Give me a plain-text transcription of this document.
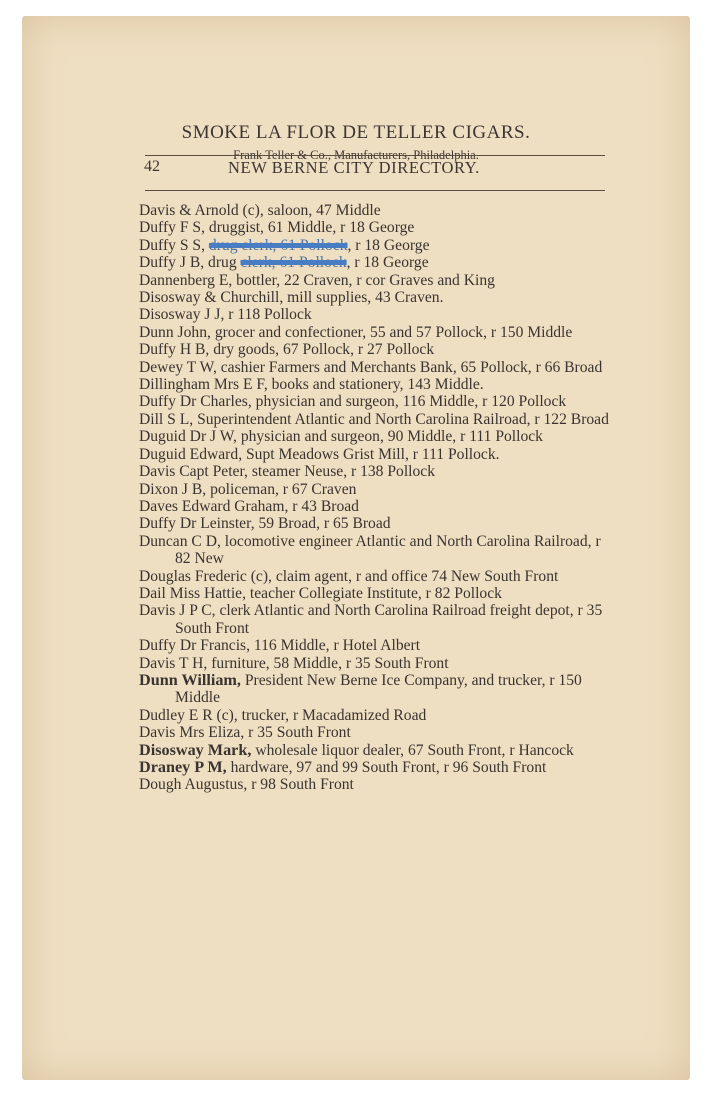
SMOKE LA FLOR DE TELLER CIGARS.
Frank Teller & Co., Manufacturers, Philadelphia.
42	NEW BERNE CITY DIRECTORY.

Davis & Arnold (c), saloon, 47 Middle

Duffy F S, druggist, 61 Middle, r 18 George

Duffy S S, drug clerk, 61 Pollock, r 18 George

Duffy J B, drug clerk, 61 Pollock, r 18 George

Dannenberg E, bottler, 22 Craven, r cor Graves and King

Disosway & Churchill, mill supplies, 43 Craven.

Disosway J J, r 118 Pollock

Dunn John, grocer and confectioner, 55 and 57 Pollock, r 150 Middle

Duffy H B, dry goods, 67 Pollock, r 27 Pollock

Dewey T W, cashier Farmers and Merchants Bank, 65 Pollock, r 66 Broad

Dillingham Mrs E F, books and stationery, 143 Middle.

Duffy Dr Charles, physician and surgeon, 116 Middle, r 120 Pollock

Dill S L, Superintendent Atlantic and North Carolina Railroad, r 122 Broad

Duguid Dr J W, physician and surgeon, 90 Middle, r 111 Pollock

Duguid Edward, Supt Meadows Grist Mill, r 111 Pollock.

Davis Capt Peter, steamer Neuse, r 138 Pollock

Dixon J B, policeman, r 67 Craven

Daves Edward Graham, r 43 Broad

Duffy Dr Leinster, 59 Broad, r 65 Broad

Duncan C D, locomotive engineer Atlantic and North Carolina Railroad, r 82 New

Douglas Frederic (c), claim agent, r and office 74 New South Front

Dail Miss Hattie, teacher Collegiate Institute, r 82 Pollock

Davis J P C, clerk Atlantic and North Carolina Railroad freight depot, r 35 South Front

Duffy Dr Francis, 116 Middle, r Hotel Albert

Davis T H, furniture, 58 Middle, r 35 South Front

Dunn William, President New Berne Ice Company, and trucker, r 150 Middle

Dudley E R (c), trucker, r Macadamized Road

Davis Mrs Eliza, r 35 South Front

Disosway Mark, wholesale liquor dealer, 67 South Front, r Hancock

Draney P M, hardware, 97 and 99 South Front, r 96 South Front

Dough Augustus, r 98 South Front
